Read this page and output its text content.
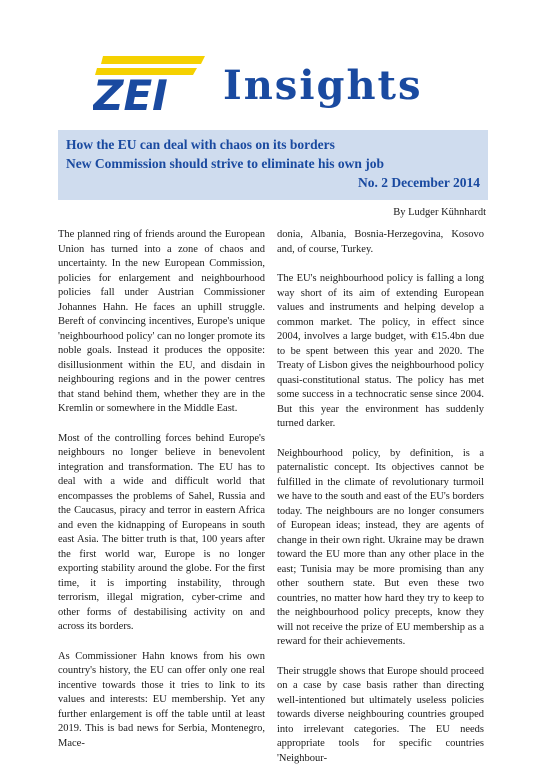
ZEI Insights
How the EU can deal with chaos on its borders
New Commission should strive to eliminate his own job
No. 2 December 2014
By Ludger Kühnhardt

The planned ring of friends around the European Union has turned into a zone of chaos and uncertainty. In the new European Commission, policies for enlargement and neighbourhood policies fall under Austrian Commissioner Johannes Hahn. He faces an uphill struggle. Bereft of convincing incentives, Europe's unique 'neighbourhood policy' can no longer promote its noble goals. Instead it produces the opposite: disillusionment within the EU, and disdain in neighbouring regions and in the power centres that stand behind them, whether they are in the Kremlin or somewhere in the Middle East.

Most of the controlling forces behind Europe's neighbours no longer believe in benevolent integration and transformation. The EU has to deal with a wide and difficult world that encompasses the problems of Sahel, Russia and the Caucasus, piracy and terror in eastern Africa and even the kidnapping of Europeans in south east Asia. The bitter truth is that, 100 years after the first world war, Europe is no longer exporting stability around the globe. For the first time, it is importing instability, through terrorism, illegal migration, cyber-crime and other forms of destabilising activity on and across its borders.

As Commissioner Hahn knows from his own country's history, the EU can offer only one real incentive towards those it tries to link to its values and interests: EU membership. Yet any further enlargement is off the table until at least 2019. This is bad news for Serbia, Montenegro, Mace-

donia, Albania, Bosnia-Herzegovina, Kosovo and, of course, Turkey.

The EU's neighbourhood policy is falling a long way short of its aim of extending European values and instruments and helping develop a common market. The policy, in effect since 2004, involves a large budget, with €15.4bn due to be spent between this year and 2020. The Treaty of Lisbon gives the neighbourhood policy quasi-constitutional status. The policy has met some success in a technocratic sense since 2004. But this year the environment has suddenly turned darker.

Neighbourhood policy, by definition, is a paternalistic concept. Its objectives cannot be fulfilled in the climate of revolutionary turmoil we have to the south and east of the EU's borders today. The neighbours are no longer consumers of European ideas; instead, they are agents of change in their own right. Ukraine may be drawn toward the EU more than any other place in the east; Tunisia may be more promising than any other southern state. But even these two countries, no matter how hard they try to keep to the neighbourhood policy precepts, know they will not receive the prize of EU membership as a reward for their achievements.

Their struggle shows that Europe should proceed on a case by case basis rather than directing well-intentioned but ultimately useless policies towards diverse neighbouring countries grouped into irrelevant categories. The EU needs appropriate tools for specific countries 'Neighbour-
